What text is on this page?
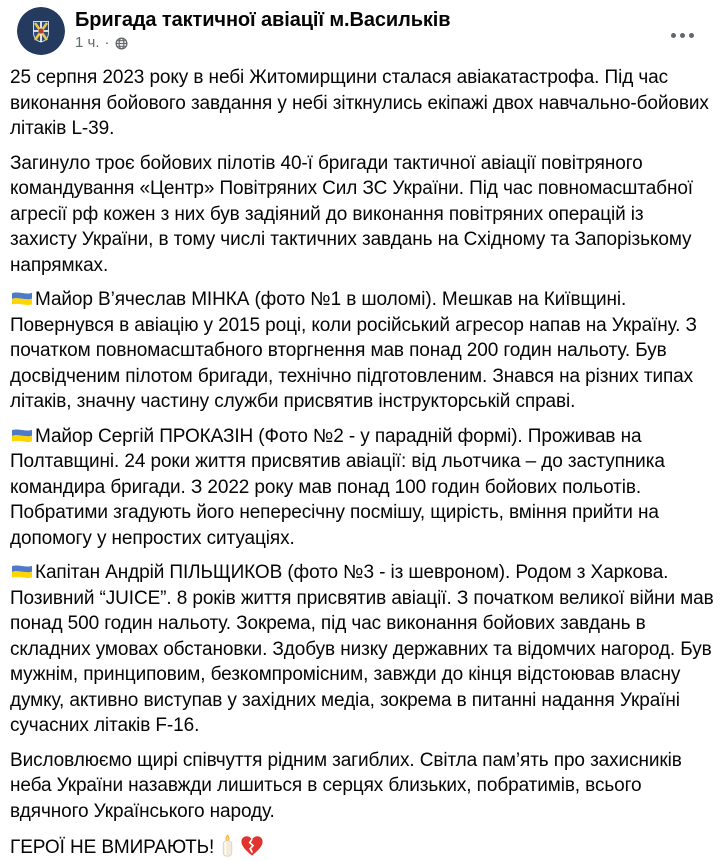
Бригада тактичної авіації м.Васильків
1 ч. ·

25 серпня 2023 року в небі Житомирщини сталася авіакатастрофа. Під час виконання бойового завдання у небі зіткнулись екіпажі двох навчально-бойових літаків L-39.

Загинуло троє бойових пілотів 40-ї бригади тактичної авіації повітряного командування «Центр» Повітряних Сил ЗС України. Під час повномасштабної агресії рф кожен з них був задіяний до виконання повітряних операцій із захисту України, в тому числі тактичних завдань на Східному та Запорізькому напрямках.

Майор В’ячеслав МІНКА (фото №1 в шоломі). Мешкав на Київщині. Повернувся в авіацію у 2015 році, коли російський агресор напав на Україну. З початком повномасштабного вторгнення мав понад 200 годин нальоту. Був досвідченим пілотом бригади, технічно підготовленим. Знався на різних типах літаків, значну частину служби присвятив інструкторській справі.

Майор Сергій ПРОКАЗІН (Фото №2 - у парадній формі). Проживав на Полтавщині. 24 роки життя присвятив авіації: від льотчика – до заступника командира бригади. З 2022 року мав понад 100 годин бойових польотів. Побратими згадують його непересічну посмішу, щирість, вміння прийти на допомогу у непростих ситуаціях.

Капітан Андрій ПІЛЬЩИКОВ (фото №3 - із шевроном). Родом з Харкова. Позивний “JUICE”. 8 років життя присвятив авіації. З початком великої війни мав понад 500 годин нальоту. Зокрема, під час виконання бойових завдань в складних умовах обстановки. Здобув низку державних та відомчих нагород. Був мужнім, принциповим, безкомпромісним, завжди до кінця відстоював власну думку, активно виступав у західних медіа, зокрема в питанні надання Україні сучасних літаків F-16.

Висловлюємо щирі співчуття рідним загиблих. Світла пам’ять про захисників неба України назавжди лишиться в серцях близьких, побратимів, всього вдячного Українського народу.

ГЕРОЇ НЕ ВМИРАЮТЬ!
